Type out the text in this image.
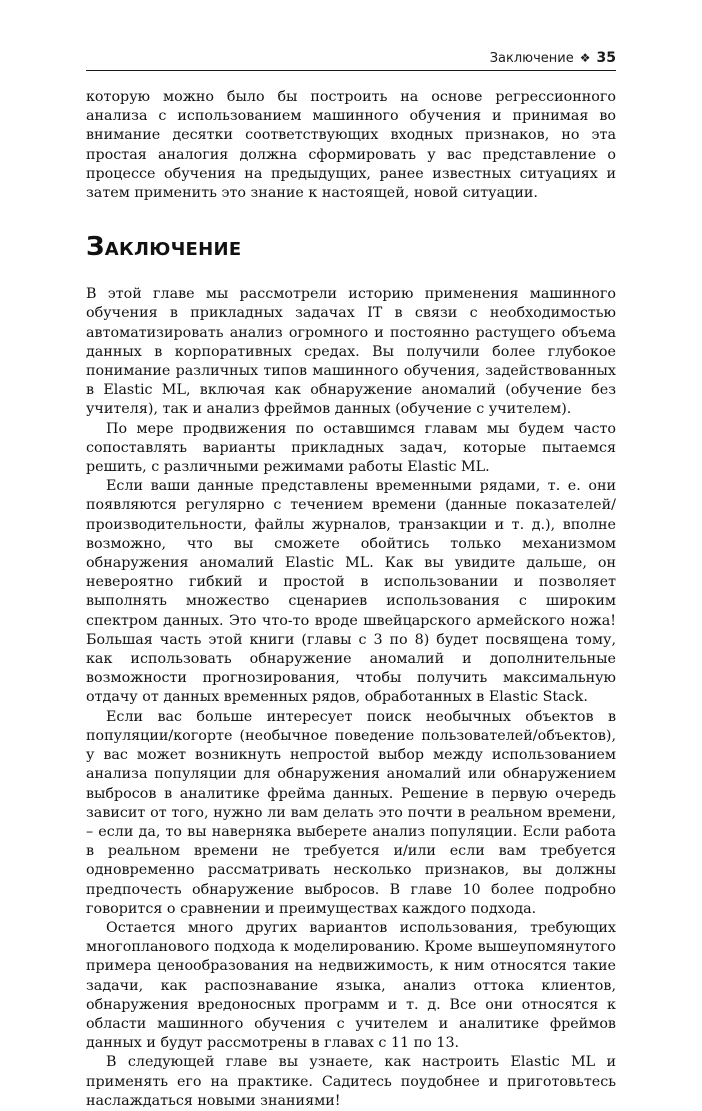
Заключение ❖ 35

которую можно было бы построить на основе регрессионного анализа с использованием машинного обучения и принимая во внимание десятки соответствующих входных признаков, но эта простая аналогия должна сформировать у вас представление о процессе обучения на предыдущих, ранее известных ситуациях и затем применить это знание к настоящей, новой ситуации.

Заключение

В этой главе мы рассмотрели историю применения машинного обучения в прикладных задачах IT в связи с необходимостью автоматизировать анализ огромного и постоянно растущего объема данных в корпоративных средах. Вы получили более глубокое понимание различных типов машинного обучения, задействованных в Elastic ML, включая как обнаружение аномалий (обучение без учителя), так и анализ фреймов данных (обучение с учителем).

По мере продвижения по оставшимся главам мы будем часто сопоставлять варианты прикладных задач, которые пытаемся решить, с различными режимами работы Elastic ML.

Если ваши данные представлены временными рядами, т. е. они появляются регулярно с течением времени (данные показателей/производительности, файлы журналов, транзакции и т. д.), вполне возможно, что вы сможете обойтись только механизмом обнаружения аномалий Elastic ML. Как вы увидите дальше, он невероятно гибкий и простой в использовании и позволяет выполнять множество сценариев использования с широким спектром данных. Это что-то вроде швейцарского армейского ножа! Большая часть этой книги (главы с 3 по 8) будет посвящена тому, как использовать обнаружение аномалий и дополнительные возможности прогнозирования, чтобы получить максимальную отдачу от данных временных рядов, обработанных в Elastic Stack.

Если вас больше интересует поиск необычных объектов в популяции/когорте (необычное поведение пользователей/объектов), у вас может возникнуть непростой выбор между использованием анализа популяции для обнаружения аномалий или обнаружением выбросов в аналитике фрейма данных. Решение в первую очередь зависит от того, нужно ли вам делать это почти в реальном времени, – если да, то вы наверняка выберете анализ популяции. Если работа в реальном времени не требуется и/или если вам требуется одновременно рассматривать несколько признаков, вы должны предпочесть обнаружение выбросов. В главе 10 более подробно говорится о сравнении и преимуществах каждого подхода.

Остается много других вариантов использования, требующих многопланового подхода к моделированию. Кроме вышеупомянутого примера ценообразования на недвижимость, к ним относятся такие задачи, как распознавание языка, анализ оттока клиентов, обнаружения вредоносных программ и т. д. Все они относятся к области машинного обучения с учителем и аналитике фреймов данных и будут рассмотрены в главах с 11 по 13.

В следующей главе вы узнаете, как настроить Elastic ML и применять его на практике. Садитесь поудобнее и приготовьтесь наслаждаться новыми знаниями!
